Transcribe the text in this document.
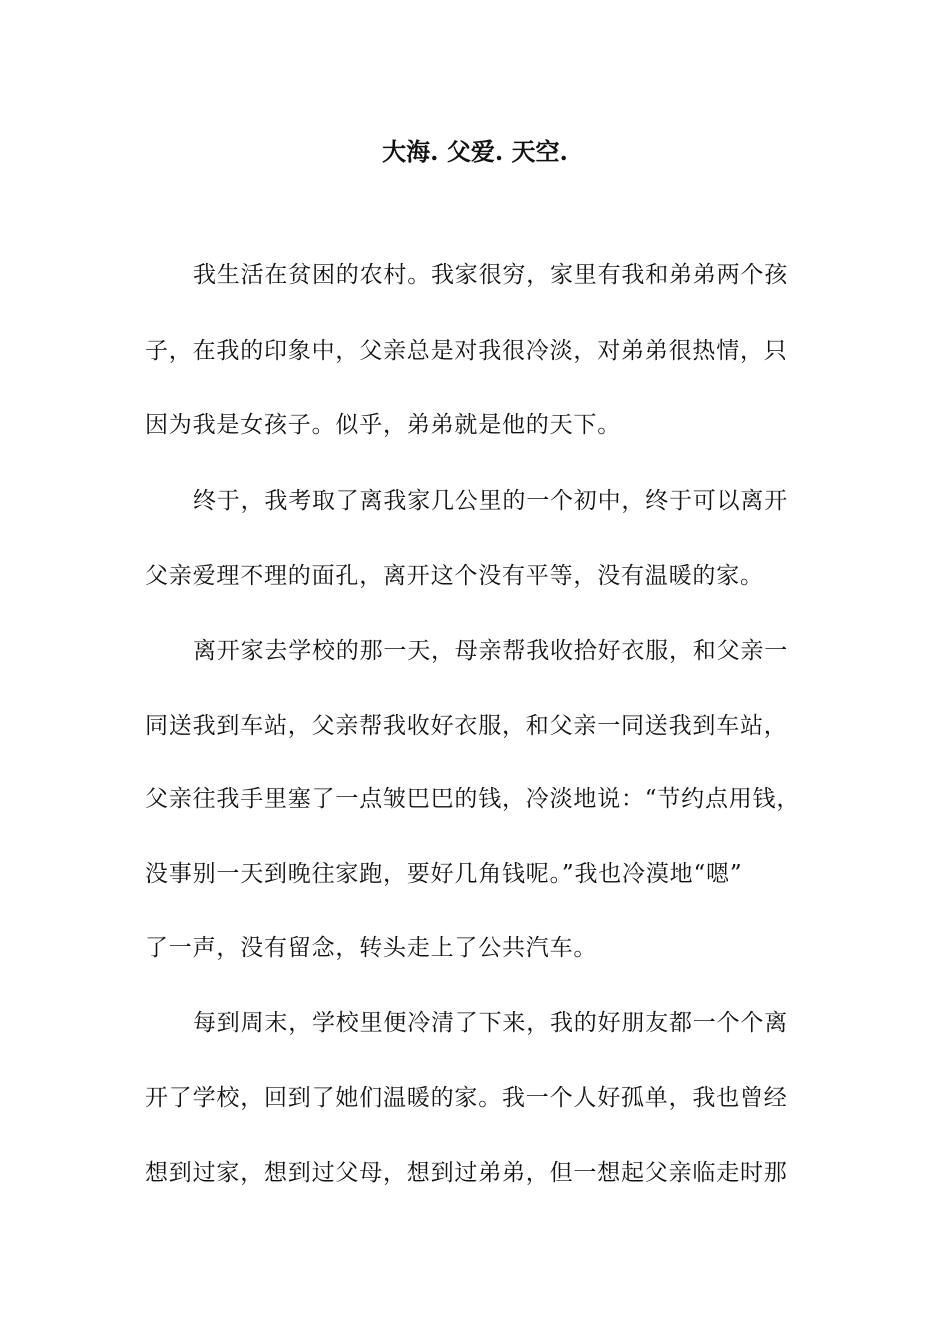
大海. 父爱. 天空.
我生活在贫困的农村。我家很穷，家里有我和弟弟两个孩
子，在我的印象中，父亲总是对我很冷淡，对弟弟很热情，只
因为我是女孩子。似乎，弟弟就是他的天下。
终于，我考取了离我家几公里的一个初中，终于可以离开
父亲爱理不理的面孔，离开这个没有平等，没有温暖的家。
离开家去学校的那一天，母亲帮我收拾好衣服，和父亲一
同送我到车站，父亲帮我收好衣服，和父亲一同送我到车站，
父亲往我手里塞了一点皱巴巴的钱，冷淡地说：“节约点用钱，
没事别一天到晚往家跑，要好几角钱呢。”我也冷漠地“嗯”
了一声，没有留念，转头走上了公共汽车。
每到周末，学校里便冷清了下来，我的好朋友都一个个离
开了学校，回到了她们温暖的家。我一个人好孤单，我也曾经
想到过家，想到过父母，想到过弟弟，但一想起父亲临走时那
